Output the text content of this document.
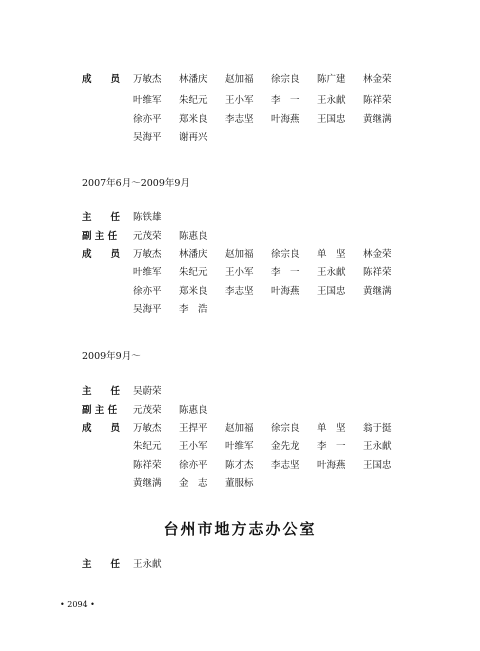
成　　员 万敏杰	林潘庆	赵加福	徐宗良	陈广建	林金荣
叶维军	朱纪元	王小军	李　一	王永献	陈祥荣
徐亦平	郑米良	李志坚	叶海燕	王国忠	黄继满
吴海平	谢再兴
2007年6月～2009年9月
主　　任 陈铁雄
副 主 任 元茂荣	陈惠良
成　　员 万敏杰	林潘庆	赵加福	徐宗良	单　坚	林金荣
叶维军	朱纪元	王小军	李　一	王永献	陈祥荣
徐亦平	郑米良	李志坚	叶海燕	王国忠	黄继满
吴海平	李　浩
2009年9月～
主　　任 吴蔚荣
副 主 任 元茂荣	陈惠良
成　　员 万敏杰	王捍平	赵加福	徐宗良	单　坚	翁于挺
朱纪元	王小军	叶维军	金先龙	李　一	王永献
陈祥荣	徐亦平	陈才杰	李志坚	叶海燕	王国忠
黄继满	金　志	董服标
台州市地方志办公室
主　　任 王永献
• 2094 •
